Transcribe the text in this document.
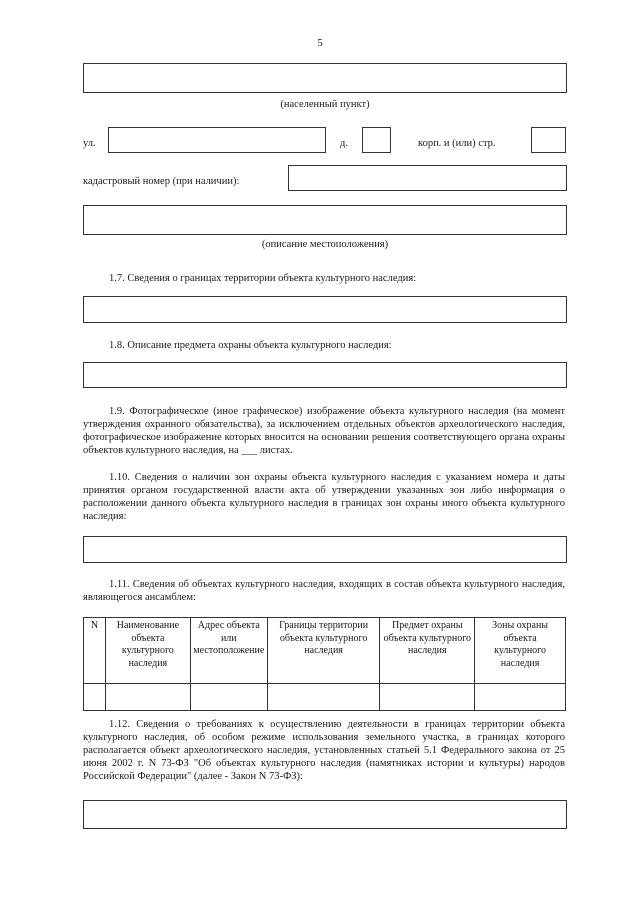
5
(населенный пункт)
ул.	д.	корп. и (или) стр.
кадастровый номер (при наличии):
(описание местоположения)
1.7. Сведения о границах территории объекта культурного наследия:
1.8. Описание предмета охраны объекта культурного наследия:
1.9. Фотографическое (иное графическое) изображение объекта культурного наследия (на момент утверждения охранного обязательства), за исключением отдельных объектов археологического наследия, фотографическое изображение которых вносится на основании решения соответствующего органа охраны объектов культурного наследия, на ___ листах.
1.10. Сведения о наличии зон охраны объекта культурного наследия с указанием номера и даты принятия органом государственной власти акта об утверждении указанных зон либо информация о расположении данного объекта культурного наследия в границах зон охраны иного объекта культурного наследия:
1.11. Сведения об объектах культурного наследия, входящих в состав объекта культурного наследия, являющегося ансамблем:
N	Наименование объекта культурного наследия	Адрес объекта или местоположение	Границы территории объекта культурного наследия	Предмет охраны объекта культурного наследия	Зоны охраны объекта культурного наследия

1.12. Сведения о требованиях к осуществлению деятельности в границах территории объекта культурного наследия, об особом режиме использования земельного участка, в границах которого располагается объект археологического наследия, установленных статьей 5.1 Федерального закона от 25 июня 2002 г. N 73-ФЗ "Об объектах культурного наследия (памятниках истории и культуры) народов Российской Федерации" (далее - Закон N 73-ФЗ):
